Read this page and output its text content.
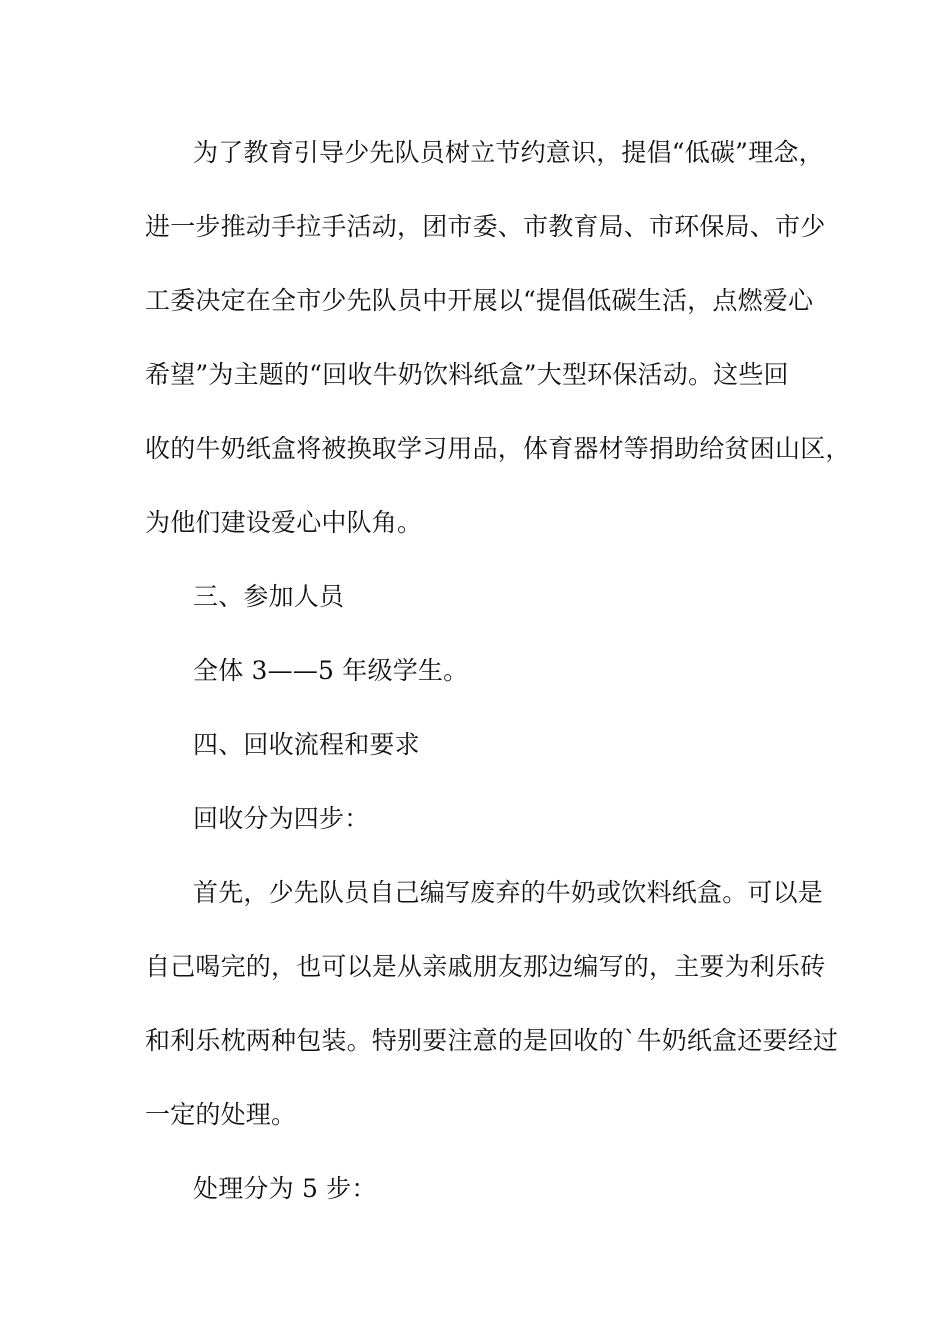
为了教育引导少先队员树立节约意识，提倡“低碳”理念，
进一步推动手拉手活动，团市委、市教育局、市环保局、市少
工委决定在全市少先队员中开展以“提倡低碳生活，点燃爱心
希望”为主题的“回收牛奶饮料纸盒”大型环保活动。这些回
收的牛奶纸盒将被换取学习用品，体育器材等捐助给贫困山区，
为他们建设爱心中队角。
三、参加人员
全体 3——5 年级学生。
四、回收流程和要求
回收分为四步：
首先，少先队员自己编写废弃的牛奶或饮料纸盒。可以是
自己喝完的，也可以是从亲戚朋友那边编写的，主要为利乐砖
和利乐枕两种包装。特别要注意的是回收的`牛奶纸盒还要经过
一定的处理。
处理分为 5 步：
